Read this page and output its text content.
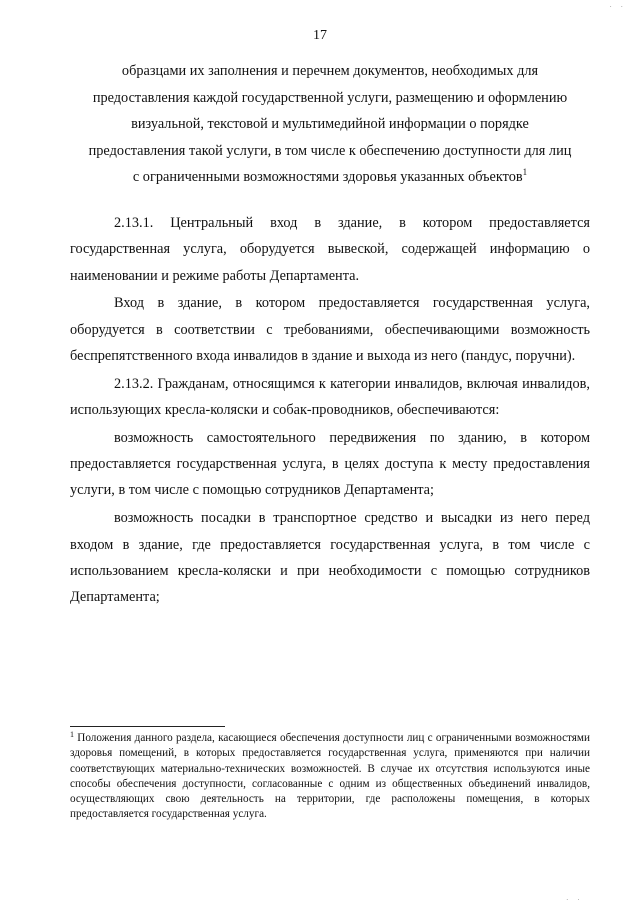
. .
17
образцами их заполнения и перечнем документов, необходимых для
предоставления каждой государственной услуги, размещению и оформлению
визуальной, текстовой и мультимедийной информации о порядке
предоставления такой услуги, в том числе к обеспечению доступности для лиц
с ограниченными возможностями здоровья указанных объектов$^1$

2.13.1. Центральный вход в здание, в котором предоставляется государственная услуга, оборудуется вывеской, содержащей информацию о наименовании и режиме работы Департамента.

Вход в здание, в котором предоставляется государственная услуга, оборудуется в соответствии с требованиями, обеспечивающими возможность беспрепятственного входа инвалидов в здание и выхода из него (пандус, поручни).

2.13.2. Гражданам, относящимся к категории инвалидов, включая инвалидов, использующих кресла-коляски и собак-проводников, обеспечиваются:

возможность самостоятельного передвижения по зданию, в котором предоставляется государственная услуга, в целях доступа к месту предоставления услуги, в том числе с помощью сотрудников Департамента;

возможность посадки в транспортное средство и высадки из него перед входом в здание, где предоставляется государственная услуга, в том числе с использованием кресла-коляски и при необходимости с помощью сотрудников Департамента;

$^1$ Положения данного раздела, касающиеся обеспечения доступности лиц с ограниченными возможностями здоровья помещений, в которых предоставляется государственная услуга, применяются при наличии соответствующих материально-технических возможностей. В случае их отсутствия используются иные способы обеспечения доступности, согласованные с одним из общественных объединений инвалидов, осуществляющих свою деятельность на территории, где расположены помещения, в которых предоставляется государственная услуга.
. .
